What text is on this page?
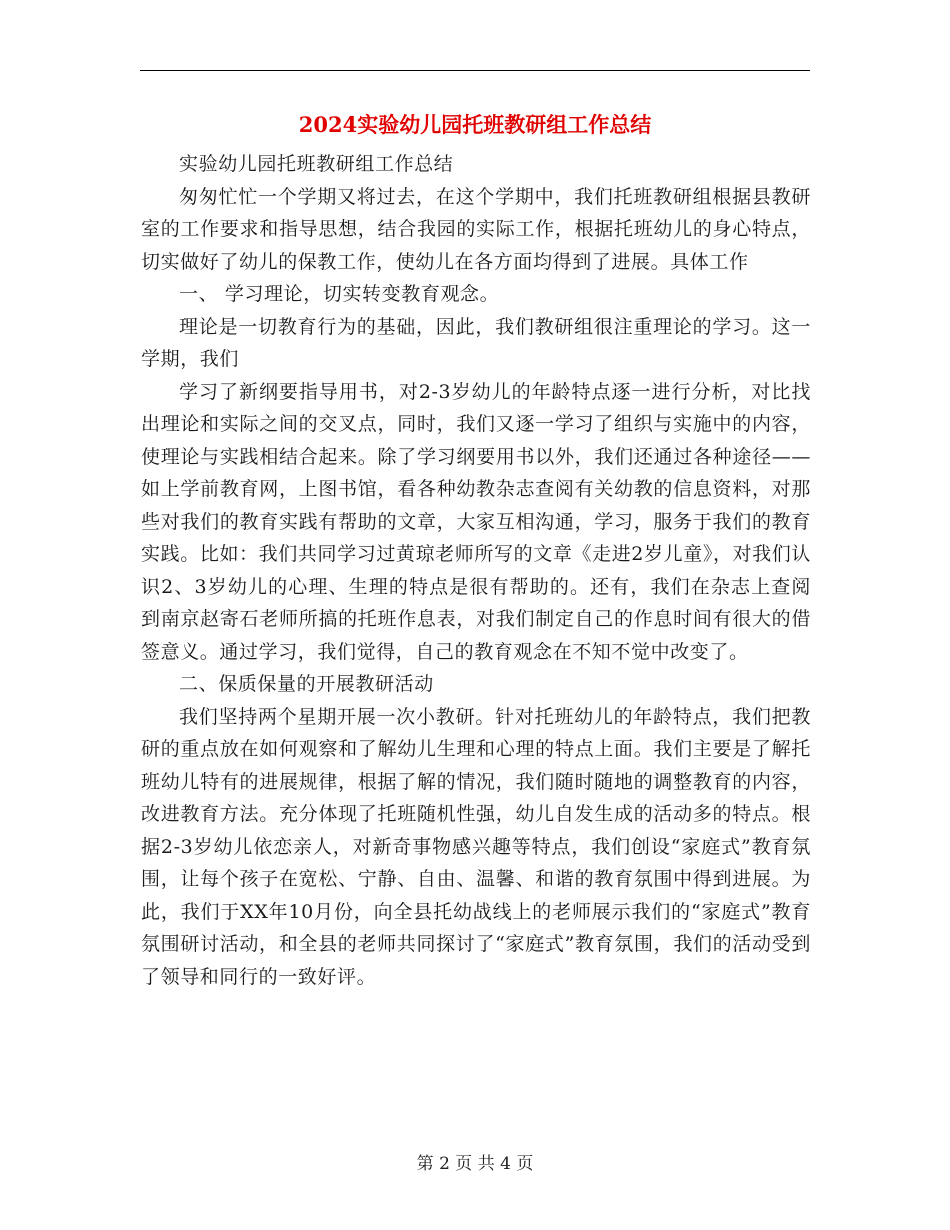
2024实验幼儿园托班教研组工作总结

实验幼儿园托班教研组工作总结

匆匆忙忙一个学期又将过去，在这个学期中，我们托班教研组根据县教研室的工作要求和指导思想，结合我园的实际工作，根据托班幼儿的身心特点，切实做好了幼儿的保教工作，使幼儿在各方面均得到了进展。具体工作

一、 学习理论，切实转变教育观念。

理论是一切教育行为的基础，因此，我们教研组很注重理论的学习。这一学期，我们

学习了新纲要指导用书，对2-3岁幼儿的年龄特点逐一进行分析，对比找出理论和实际之间的交叉点，同时，我们又逐一学习了组织与实施中的内容，使理论与实践相结合起来。除了学习纲要用书以外，我们还通过各种途径——如上学前教育网，上图书馆，看各种幼教杂志查阅有关幼教的信息资料，对那些对我们的教育实践有帮助的文章，大家互相沟通，学习，服务于我们的教育实践。比如：我们共同学习过黄琼老师所写的文章《走进2岁儿童》，对我们认识2、3岁幼儿的心理、生理的特点是很有帮助的。还有，我们在杂志上查阅到南京赵寄石老师所搞的托班作息表，对我们制定自己的作息时间有很大的借签意义。通过学习，我们觉得，自己的教育观念在不知不觉中改变了。

二、保质保量的开展教研活动

我们坚持两个星期开展一次小教研。针对托班幼儿的年龄特点，我们把教研的重点放在如何观察和了解幼儿生理和心理的特点上面。我们主要是了解托班幼儿特有的进展规律，根据了解的情况，我们随时随地的调整教育的内容，改进教育方法。充分体现了托班随机性强，幼儿自发生成的活动多的特点。根据2-3岁幼儿依恋亲人，对新奇事物感兴趣等特点，我们创设“家庭式”教育氛围，让每个孩子在宽松、宁静、自由、温馨、和谐的教育氛围中得到进展。为此，我们于XX年10月份，向全县托幼战线上的老师展示我们的“家庭式”教育氛围研讨活动，和全县的老师共同探讨了“家庭式”教育氛围，我们的活动受到了领导和同行的一致好评。

第 2 页 共 4 页
